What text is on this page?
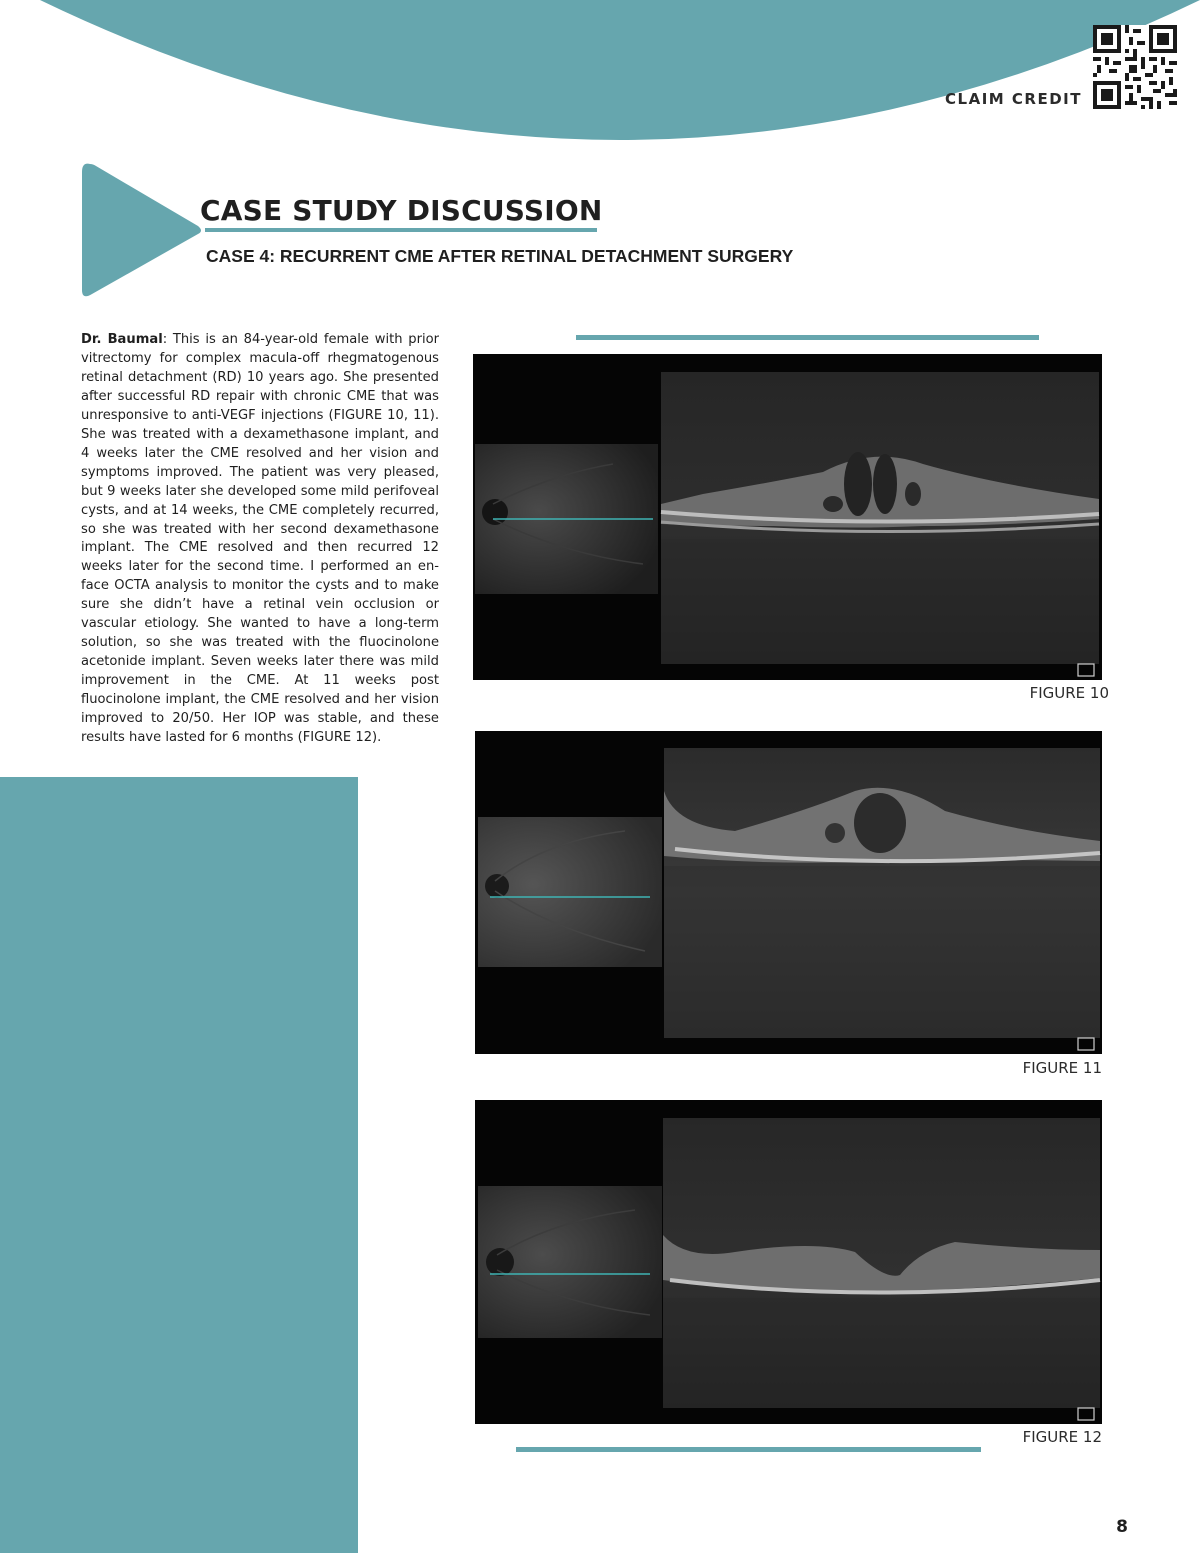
CLAIM CREDIT
CASE STUDY DISCUSSION
CASE 4: RECURRENT CME AFTER RETINAL DETACHMENT SURGERY

Dr. Baumal: This is an 84-year-old female with prior vitrectomy for complex macula-off rhegmatogenous retinal detachment (RD) 10 years ago. She presented after successful RD repair with chronic CME that was unresponsive to anti-VEGF injections (FIGURE 10, 11). She was treated with a dexamethasone implant, and 4 weeks later the CME resolved and her vision and symptoms improved. The patient was very pleased, but 9 weeks later she developed some mild perifoveal cysts, and at 14 weeks, the CME completely recurred, so she was treated with her second dexamethasone implant. The CME resolved and then recurred 12 weeks later for the second time. I performed an en-face OCTA analysis to monitor the cysts and to make sure she didn’t have a retinal vein occlusion or vascular etiology. She wanted to have a long-term solution, so she was treated with the fluocinolone acetonide implant. Seven weeks later there was mild improvement in the CME. At 11 weeks post fluocinolone implant, the CME resolved and her vision improved to 20/50. Her IOP was stable, and these results have lasted for 6 months (FIGURE 12).

FIGURE 10
FIGURE 11
FIGURE 12
8
